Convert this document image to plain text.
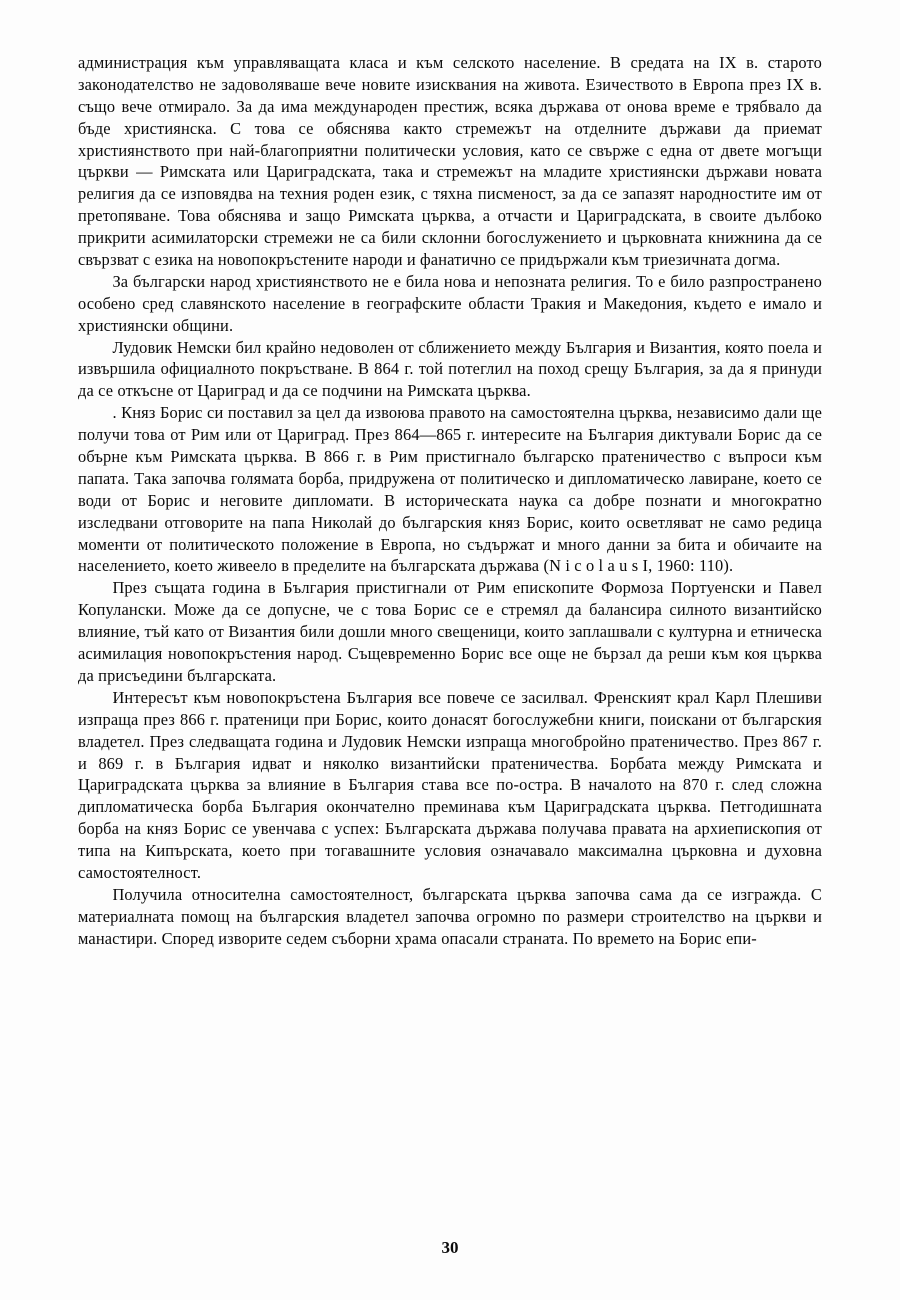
администрация към управляващата класа и към селското население. В средата на IX в. старото законодателство не задоволяваше вече новите изисквания на живота. Езичеството в Европа през IX в. също вече отмирало. За да има международен престиж, всяка държава от онова време е трябвало да бъде християнска. С това се обяснява както стремежът на отделните държави да приемат християнството при най-благоприятни политически условия, като се свърже с една от двете могъщи църкви — Римската или Цариградската, така и стремежът на младите християнски държави новата религия да се изповядва на техния роден език, с тяхна писменост, за да се запазят народностите им от претопяване. Това обяснява и защо Римската църква, а отчасти и Цариградската, в своите дълбоко прикрити асимилаторски стремежи не са били склонни богослужението и църковната книжнина да се свързват с езика на новопокръстените народи и фанатично се придържали към триезичната догма.

За български народ християнството не е била нова и непозната религия. То е било разпространено особено сред славянското население в географските области Тракия и Македония, където е имало и християнски общини.

Лудовик Немски бил крайно недоволен от сближението между България и Византия, която поела и извършила официалното покръстване. В 864 г. той потеглил на поход срещу България, за да я принуди да се откъсне от Цариград и да се подчини на Римската църква.

. Княз Борис си поставил за цел да извоюва правото на самостоятелна църква, независимо дали ще получи това от Рим или от Цариград. През 864—865 г. интересите на България диктували Борис да се обърне към Римската църква. В 866 г. в Рим пристигнало българско пратеничество с въпроси към папата. Така започва голямата борба, придружена от политическо и дипломатическо лавиране, което се води от Борис и неговите дипломати. В историческата наука са добре познати и многократно изследвани отговорите на папа Николай до българския княз Борис, които осветляват не само редица моменти от политическото положение в Европа, но съдържат и много данни за бита и обичаите на населението, което живеело в пределите на българската държава (N i c o l a u s I, 1960: 110).

През същата година в България пристигнали от Рим епископите Формоза Портуенски и Павел Копулански. Може да се допусне, че с това Борис се е стремял да балансира силното византийско влияние, тъй като от Византия били дошли много свещеници, които заплашвали с културна и етническа асимилация новопокръстения народ. Същевременно Борис все още не бързал да реши към коя църква да присъедини българската.

Интересът към новопокръстена България все повече се засилвал. Френският крал Карл Плешиви изпраща през 866 г. пратеници при Борис, които донасят богослужебни книги, поискани от българския владетел. През следващата година и Лудовик Немски изпраща многобройно пратеничество. През 867 г. и 869 г. в България идват и няколко византийски пратеничества. Борбата между Римската и Цариградската църква за влияние в България става все по-остра. В началото на 870 г. след сложна дипломатическа борба България окончателно преминава към Цариградската църква. Петгодишната борба на княз Борис се увенчава с успех: Българската държава получава правата на архиепископия от типа на Кипърската, което при тогавашните условия означавало максимална църковна и духовна самостоятелност.

Получила относителна самостоятелност, българската църква започва сама да се изгражда. С материалната помощ на българския владетел започва огромно по размери строителство на църкви и манастири. Според изворите седем съборни храма опасали страната. По времето на Борис епи-

30
